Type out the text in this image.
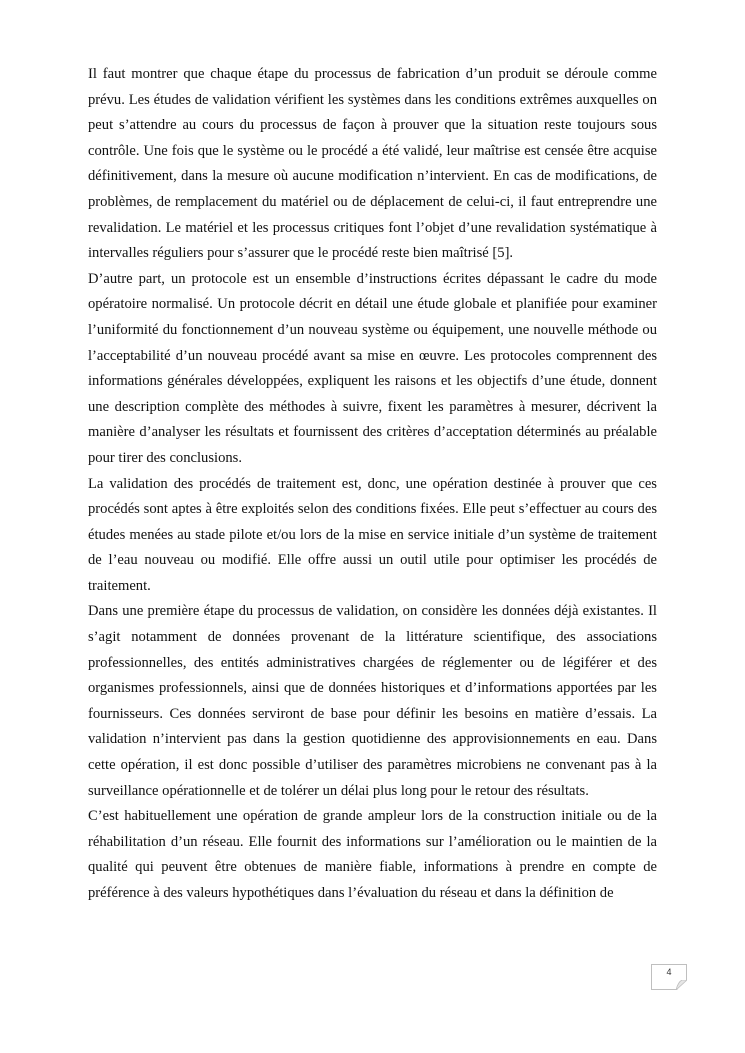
Il faut montrer que chaque étape du processus de fabrication d’un produit se déroule comme prévu. Les études de validation vérifient les systèmes dans les conditions extrêmes auxquelles on peut s’attendre au cours du processus de façon à prouver que la situation reste toujours sous contrôle. Une fois que le système ou le procédé a été validé, leur maîtrise est censée être acquise définitivement, dans la mesure où aucune modification n’intervient. En cas de modifications, de problèmes, de remplacement du matériel ou de déplacement de celui-ci, il faut entreprendre une revalidation. Le matériel et les processus critiques font l’objet d’une revalidation systématique à intervalles réguliers pour s’assurer que le procédé reste bien maîtrisé [5].

D’autre part, un protocole est un ensemble d’instructions écrites dépassant le cadre du mode opératoire normalisé. Un protocole décrit en détail une étude globale et planifiée pour examiner l’uniformité du fonctionnement d’un nouveau système ou équipement, une nouvelle méthode ou l’acceptabilité d’un nouveau procédé avant sa mise en œuvre. Les protocoles comprennent des informations générales développées, expliquent les raisons et les objectifs d’une étude, donnent une description complète des méthodes à suivre, fixent les paramètres à mesurer, décrivent la manière d’analyser les résultats et fournissent des critères d’acceptation déterminés au préalable pour tirer des conclusions.

La validation des procédés de traitement est, donc, une opération destinée à prouver que ces procédés sont aptes à être exploités selon des conditions fixées. Elle peut s’effectuer au cours des études menées au stade pilote et/ou lors de la mise en service initiale d’un système de traitement de l’eau nouveau ou modifié. Elle offre aussi un outil utile pour optimiser les procédés de traitement.

Dans une première étape du processus de validation, on considère les données déjà existantes. Il s’agit notamment de données provenant de la littérature scientifique, des associations professionnelles, des entités administratives chargées de réglementer ou de légiférer et des organismes professionnels, ainsi que de données historiques et d’informations apportées par les fournisseurs. Ces données serviront de base pour définir les besoins en matière d’essais. La validation n’intervient pas dans la gestion quotidienne des approvisionnements en eau. Dans cette opération, il est donc possible d’utiliser des paramètres microbiens ne convenant pas à la surveillance opérationnelle et de tolérer un délai plus long pour le retour des résultats.

C’est habituellement une opération de grande ampleur lors de la construction initiale ou de la réhabilitation d’un réseau. Elle fournit des informations sur l’amélioration ou le maintien de la qualité qui peuvent être obtenues de manière fiable, informations à prendre en compte de préférence à des valeurs hypothétiques dans l’évaluation du réseau et dans la définition de

4
